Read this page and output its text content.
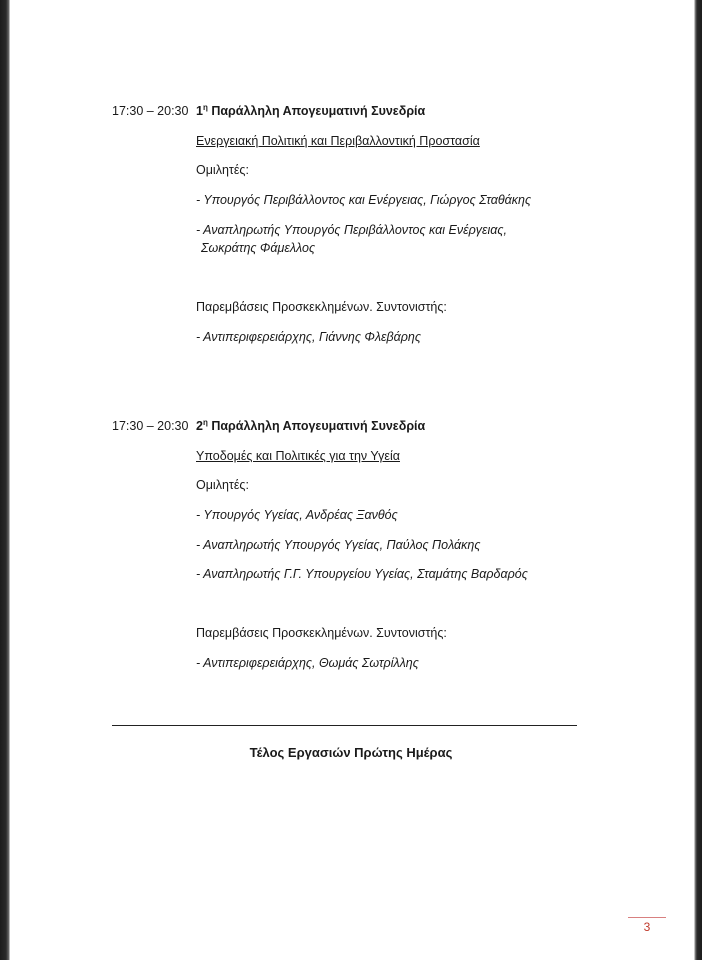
17:30 – 20:30 $1^\eta$ Παράλληλη Απογευματινή Συνεδρία
Ενεργειακή Πολιτική και Περιβαλλοντική Προστασία
Ομιλητές:
- Υπουργός Περιβάλλοντος και Ενέργειας, Γιώργος Σταθάκης
- Αναπληρωτής Υπουργός Περιβάλλοντος και Ενέργειας,
Σωκράτης Φάμελλος
Παρεμβάσεις Προσκεκλημένων. Συντονιστής:
- Αντιπεριφερειάρχης, Γιάννης Φλεβάρης
17:30 – 20:30 $2^\eta$ Παράλληλη Απογευματινή Συνεδρία
Υποδομές και Πολιτικές για την Υγεία
Ομιλητές:
- Υπουργός Υγείας, Ανδρέας Ξανθός
- Αναπληρωτής Υπουργός Υγείας, Παύλος Πολάκης
- Αναπληρωτής Γ.Γ. Υπουργείου Υγείας, Σταμάτης Βαρδαρός
Παρεμβάσεις Προσκεκλημένων. Συντονιστής:
- Αντιπεριφερειάρχης, Θωμάς Σωτρίλλης
Τέλος Εργασιών Πρώτης Ημέρας
3
